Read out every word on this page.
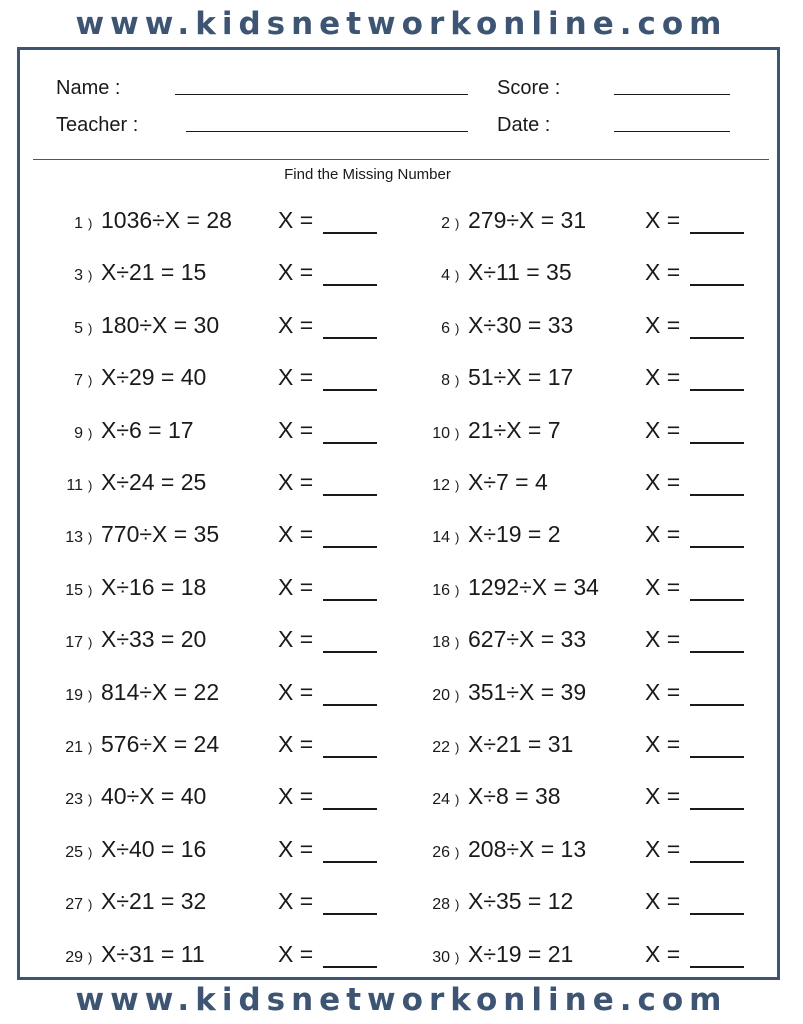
www.kidsnetworkonline.com
Name :
Teacher :
Score :
Date :
Find the Missing Number
1 ) 1036÷X = 28 X =	2 ) 279÷X = 31	X =
3 ) X÷21 = 15	X =	4 ) X÷11 = 35	X =
5 ) 180÷X = 30	X =	6 ) X÷30 = 33	X =
7 ) X÷29 = 40	X =	8 ) 51÷X = 17	X =
9 ) X÷6 = 17	X =	10 ) 21÷X = 7	X =
11 ) X÷24 = 25	X =	12 ) X÷7 = 4	X =
13 ) 770÷X = 35	X =	14 ) X÷19 = 2	X =
15 ) X÷16 = 18	X =	16 ) 1292÷X = 34 X =
17 ) X÷33 = 20	X =	18 ) 627÷X = 33	X =
19 ) 814÷X = 22	X =	20 ) 351÷X = 39	X =
21 ) 576÷X = 24	X =	22 ) X÷21 = 31	X =
23 ) 40÷X = 40	X =	24 ) X÷8 = 38	X =
25 ) X÷40 = 16	X =	26 ) 208÷X = 13	X =
27 ) X÷21 = 32	X =	28 ) X÷35 = 12	X =
29 ) X÷31 = 11	X =	30 ) X÷19 = 21	X =
www.kidsnetworkonline.com
